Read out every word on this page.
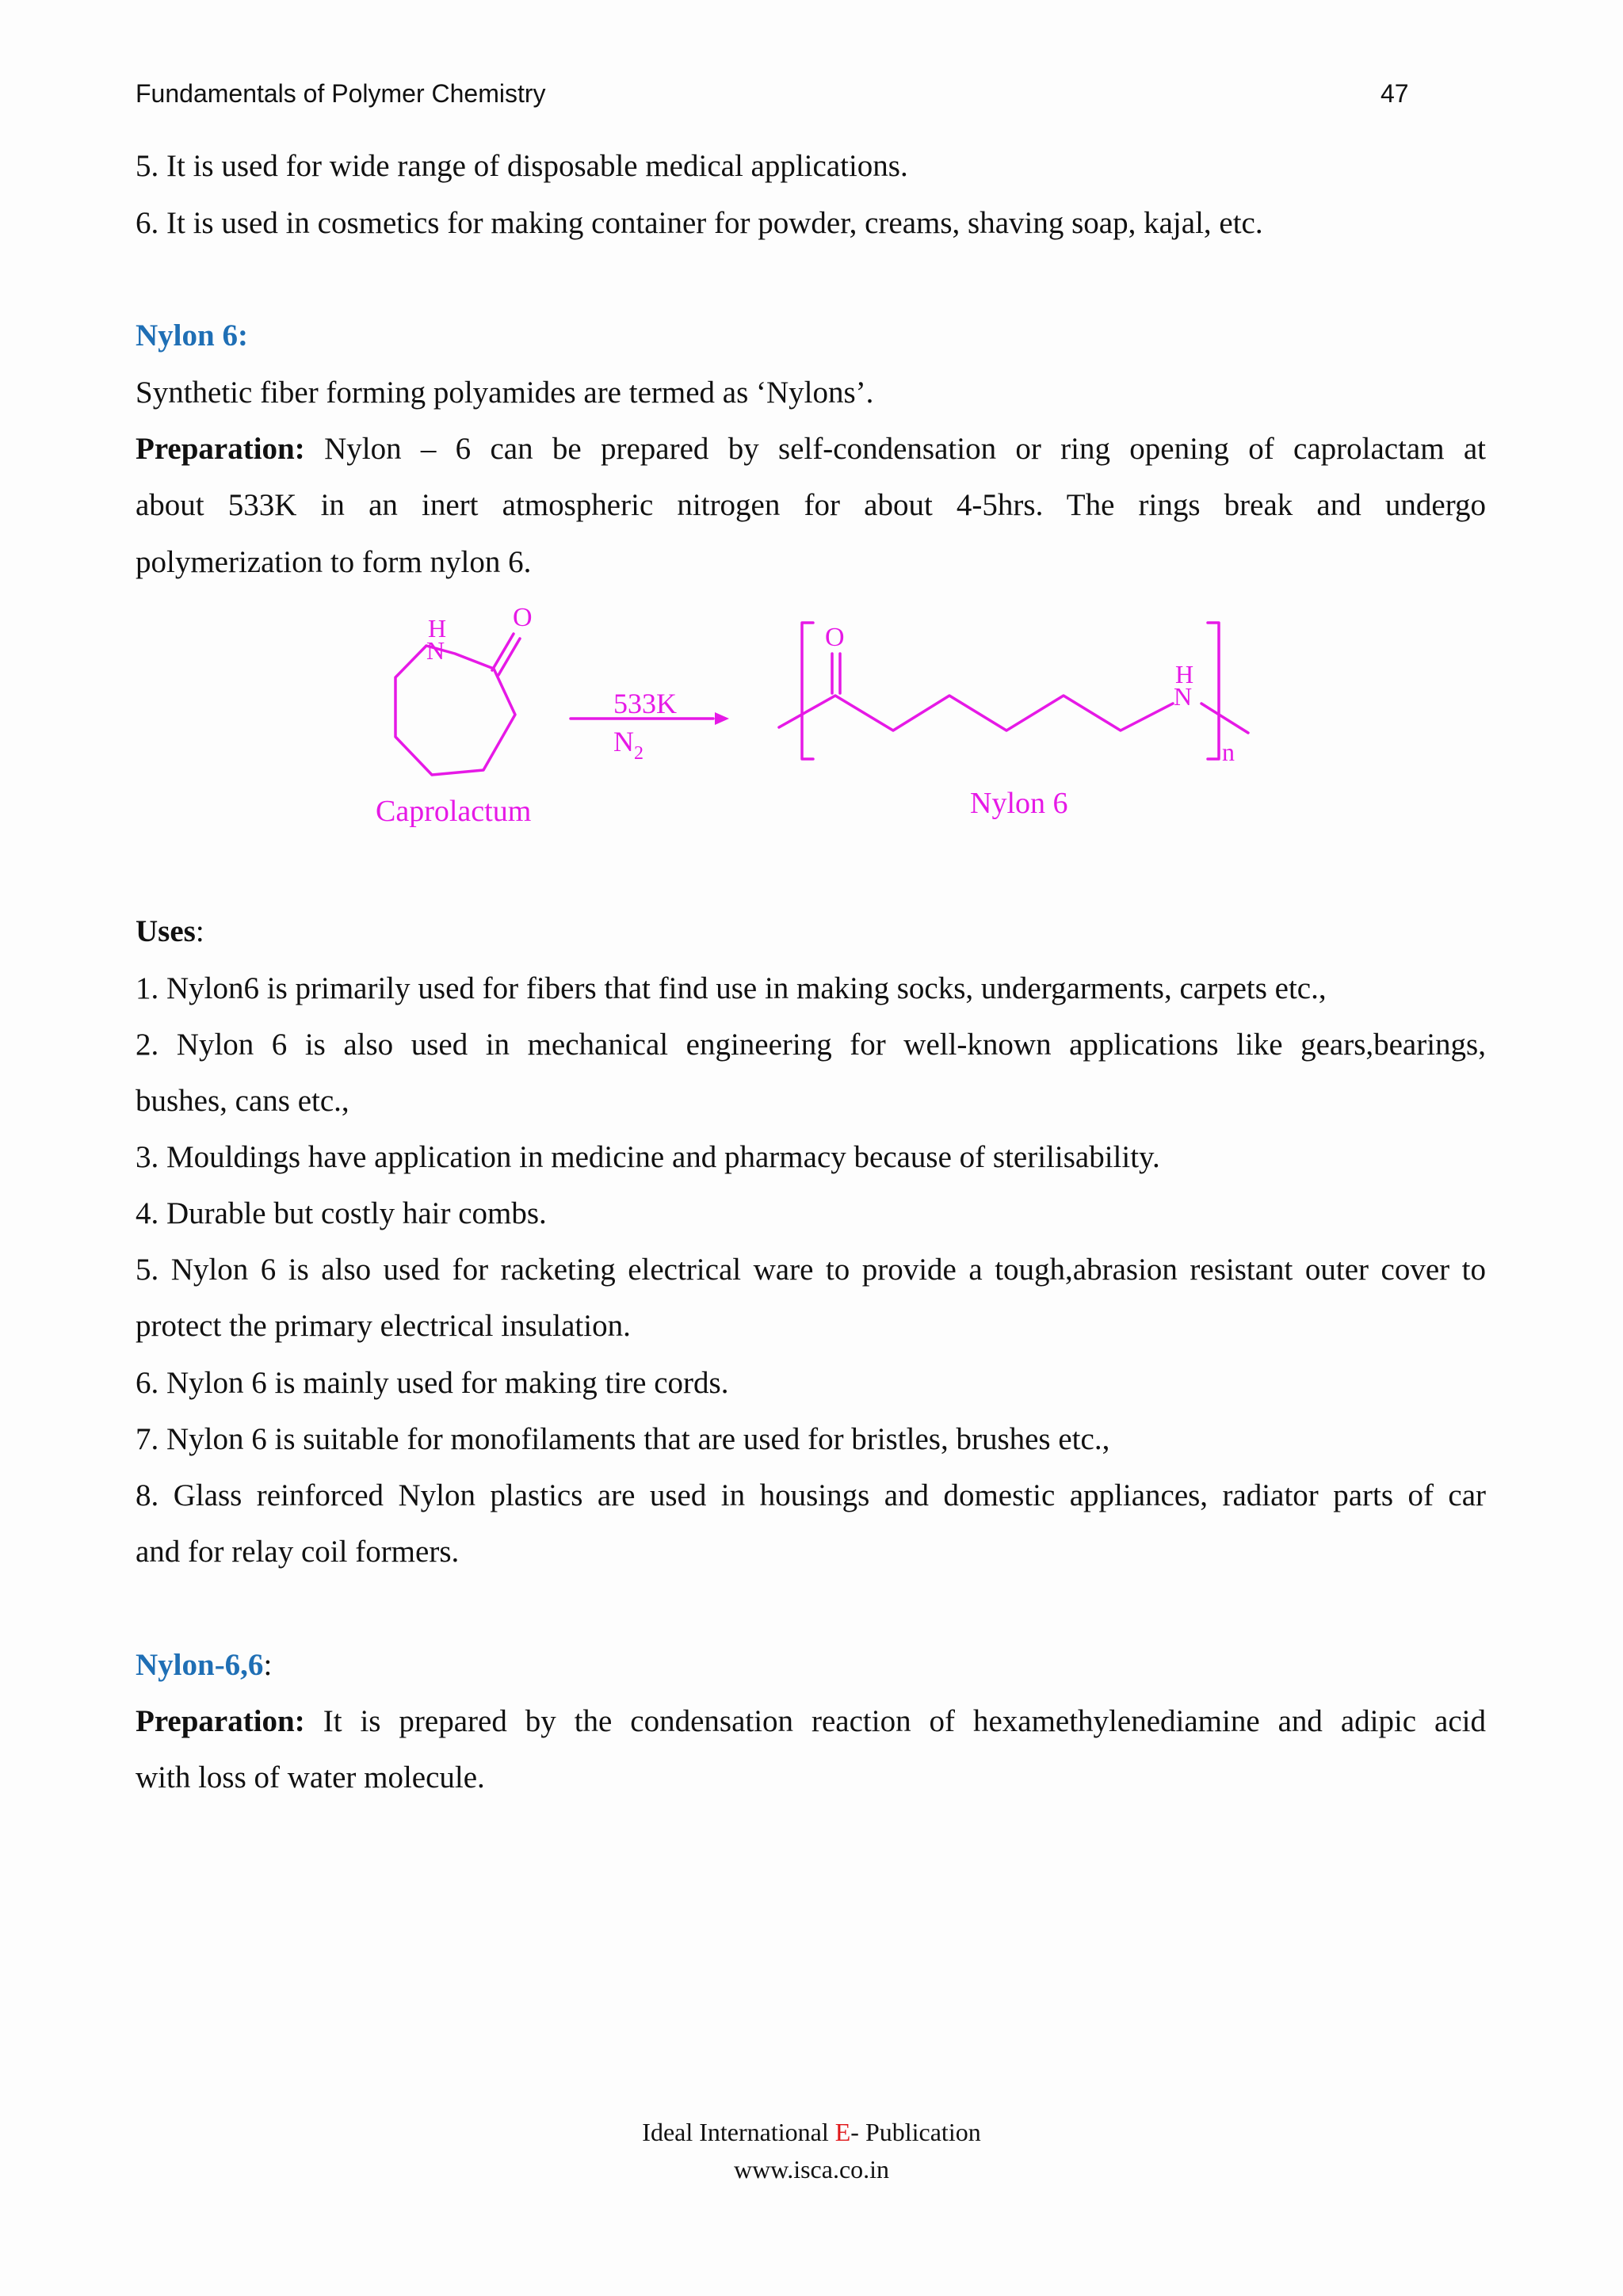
Fundamentals of Polymer Chemistry	47
5. It is used for wide range of disposable medical applications.
6. It is used in cosmetics for making container for powder, creams, shaving soap, kajal, etc.
Nylon 6:
Synthetic fiber forming polyamides are termed as ‘Nylons’.
Preparation: Nylon – 6 can be prepared by self-condensation or ring opening of caprolactam at
about 533K in an inert atmospheric nitrogen for about 4-5hrs. The rings break and undergo
polymerization to form nylon 6.
H
N
O
533K
$N_2$
O
H
N
n
Caprolactum	Nylon 6
Uses:
1. Nylon6 is primarily used for fibers that find use in making socks, undergarments, carpets etc.,
2. Nylon 6 is also used in mechanical engineering for well-known applications like gears,bearings,
bushes, cans etc.,
3. Mouldings have application in medicine and pharmacy because of sterilisability.
4. Durable but costly hair combs.
5. Nylon 6 is also used for racketing electrical ware to provide a tough,abrasion resistant outer cover to
protect the primary electrical insulation.
6. Nylon 6 is mainly used for making tire cords.
7. Nylon 6 is suitable for monofilaments that are used for bristles, brushes etc.,
8. Glass reinforced Nylon plastics are used in housings and domestic appliances, radiator parts of car
and for relay coil formers.
Nylon-6,6:
Preparation: It is prepared by the condensation reaction of hexamethylenediamine and adipic acid
with loss of water molecule.
Ideal International E- Publication
www.isca.co.in
